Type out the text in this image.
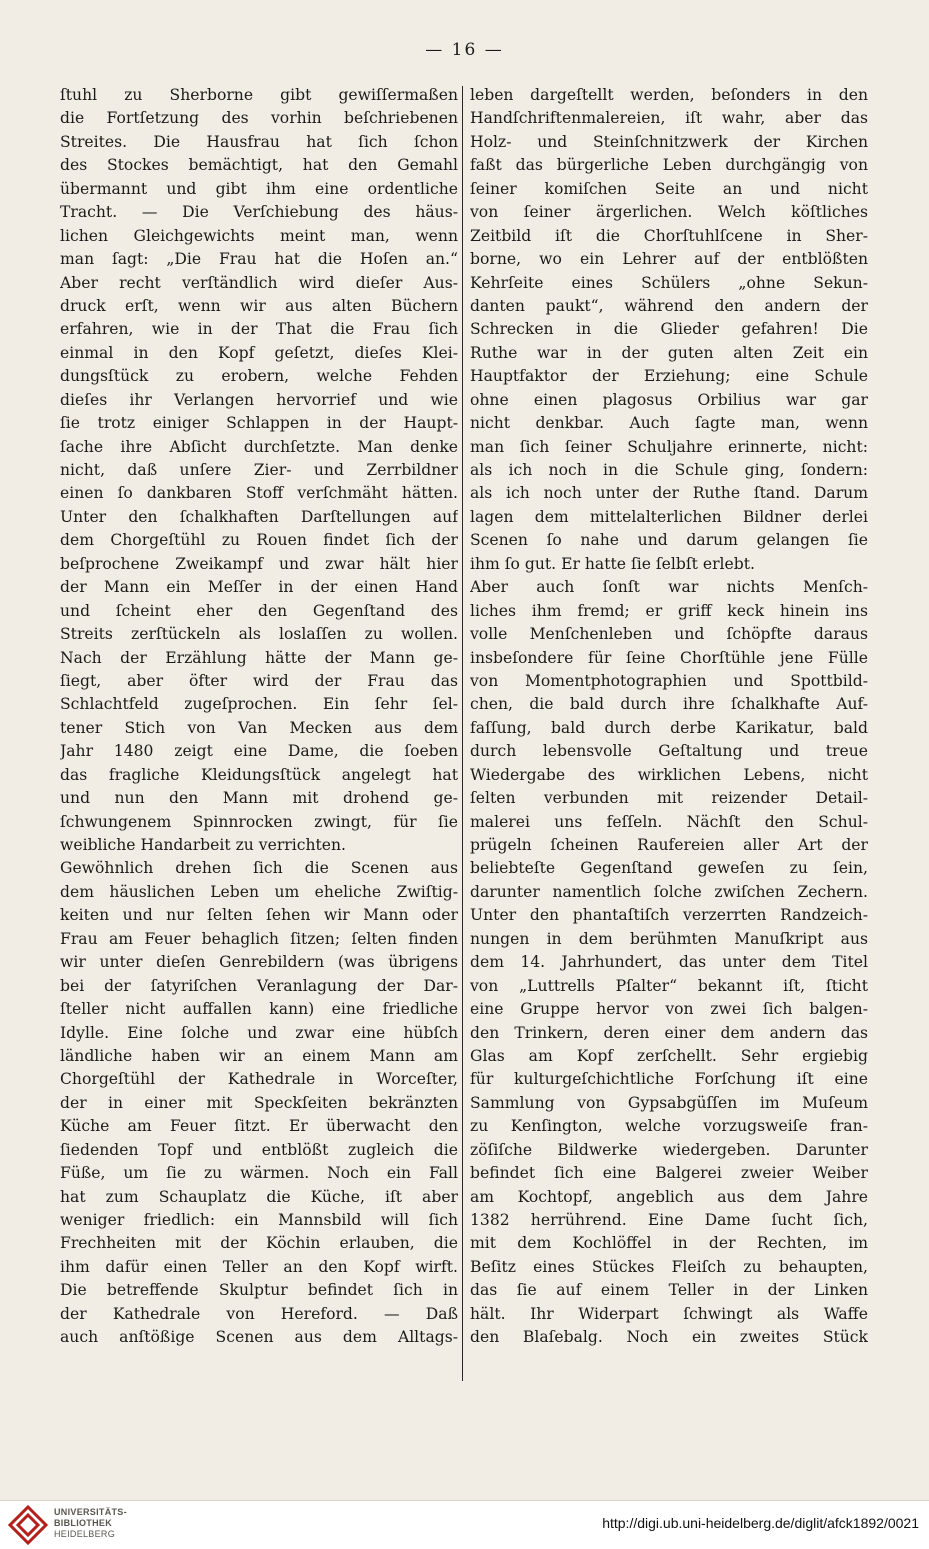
— 16 —
ſtuhl zu Sherborne gibt gewiſſermaßen
die Fortſetzung des vorhin beſchriebenen
Streites. Die Hausfrau hat ſich ſchon
des Stockes bemächtigt, hat den Gemahl
übermannt und gibt ihm eine ordentliche
Tracht. — Die Verſchiebung des häus-
lichen Gleichgewichts meint man, wenn
man ſagt: „Die Frau hat die Hoſen an.“
Aber recht verſtändlich wird dieſer Aus-
druck erſt, wenn wir aus alten Büchern
erfahren, wie in der That die Frau ſich
einmal in den Kopf geſetzt, dieſes Klei-
dungsſtück zu erobern, welche Fehden
dieſes ihr Verlangen hervorrief und wie
ſie trotz einiger Schlappen in der Haupt-
ſache ihre Abſicht durchſetzte. Man denke
nicht, daß unſere Zier- und Zerrbildner
einen ſo dankbaren Stoff verſchmäht hätten.
Unter den ſchalkhaften Darſtellungen auf
dem Chorgeſtühl zu Rouen findet ſich der
beſprochene Zweikampf und zwar hält hier
der Mann ein Meſſer in der einen Hand
und ſcheint eher den Gegenſtand des
Streits zerſtückeln als loslaſſen zu wollen.
Nach der Erzählung hätte der Mann ge-
ſiegt, aber öfter wird der Frau das
Schlachtfeld zugeſprochen. Ein ſehr ſel-
tener Stich von Van Mecken aus dem
Jahr 1480 zeigt eine Dame, die ſoeben
das fragliche Kleidungsſtück angelegt hat
und nun den Mann mit drohend ge-
ſchwungenem Spinnrocken zwingt, für ſie
weibliche Handarbeit zu verrichten.
Gewöhnlich drehen ſich die Scenen aus
dem häuslichen Leben um eheliche Zwiſtig-
keiten und nur ſelten ſehen wir Mann oder
Frau am Feuer behaglich ſitzen; ſelten finden
wir unter dieſen Genrebildern (was übrigens
bei der ſatyriſchen Veranlagung der Dar-
ſteller nicht auffallen kann) eine friedliche
Idylle. Eine ſolche und zwar eine hübſch
ländliche haben wir an einem Mann am
Chorgeſtühl der Kathedrale in Worceſter,
der in einer mit Speckſeiten bekränzten
Küche am Feuer ſitzt. Er überwacht den
ſiedenden Topf und entblößt zugleich die
Füße, um ſie zu wärmen. Noch ein Fall
hat zum Schauplatz die Küche, iſt aber
weniger friedlich: ein Mannsbild will ſich
Frechheiten mit der Köchin erlauben, die
ihm dafür einen Teller an den Kopf wirft.
Die betreffende Skulptur befindet ſich in
der Kathedrale von Hereford. — Daß
auch anſtößige Scenen aus dem Alltags-
leben dargeſtellt werden, beſonders in den
Handſchriftenmalereien, iſt wahr, aber das
Holz- und Steinſchnitzwerk der Kirchen
faßt das bürgerliche Leben durchgängig von
ſeiner komiſchen Seite an und nicht
von ſeiner ärgerlichen. Welch köſtliches
Zeitbild iſt die Chorſtuhlſcene in Sher-
borne, wo ein Lehrer auf der entblößten
Kehrſeite eines Schülers „ohne Sekun-
danten paukt“, während den andern der
Schrecken in die Glieder gefahren! Die
Ruthe war in der guten alten Zeit ein
Hauptfaktor der Erziehung; eine Schule
ohne einen plagosus Orbilius war gar
nicht denkbar. Auch ſagte man, wenn
man ſich ſeiner Schuljahre erinnerte, nicht:
als ich noch in die Schule ging, ſondern:
als ich noch unter der Ruthe ſtand. Darum
lagen dem mittelalterlichen Bildner derlei
Scenen ſo nahe und darum gelangen ſie
ihm ſo gut. Er hatte ſie ſelbſt erlebt.
Aber auch ſonſt war nichts Menſch-
liches ihm fremd; er griff keck hinein ins
volle Menſchenleben und ſchöpfte daraus
insbeſondere für ſeine Chorſtühle jene Fülle
von Momentphotographien und Spottbild-
chen, die bald durch ihre ſchalkhafte Auf-
faſſung, bald durch derbe Karikatur, bald
durch lebensvolle Geſtaltung und treue
Wiedergabe des wirklichen Lebens, nicht
ſelten verbunden mit reizender Detail-
malerei uns feſſeln. Nächſt den Schul-
prügeln ſcheinen Raufereien aller Art der
beliebteſte Gegenſtand geweſen zu ſein,
darunter namentlich ſolche zwiſchen Zechern.
Unter den phantaſtiſch verzerrten Randzeich-
nungen in dem berühmten Manuſkript aus
dem 14. Jahrhundert, das unter dem Titel
von „Luttrells Pſalter“ bekannt iſt, ſticht
eine Gruppe hervor von zwei ſich balgen-
den Trinkern, deren einer dem andern das
Glas am Kopf zerſchellt. Sehr ergiebig
für kulturgeſchichtliche Forſchung iſt eine
Sammlung von Gypsabgüſſen im Muſeum
zu Kenſington, welche vorzugsweiſe fran-
zöſiſche Bildwerke wiedergeben. Darunter
befindet ſich eine Balgerei zweier Weiber
am Kochtopf, angeblich aus dem Jahre
1382 herrührend. Eine Dame ſucht ſich,
mit dem Kochlöffel in der Rechten, im
Beſitz eines Stückes Fleiſch zu behaupten,
das ſie auf einem Teller in der Linken
hält. Ihr Widerpart ſchwingt als Waffe
den Blaſebalg. Noch ein zweites Stück
UNIVERSITÄTS-
BIBLIOTHEK
HEIDELBERG
http://digi.ub.uni-heidelberg.de/diglit/afck1892/0021
